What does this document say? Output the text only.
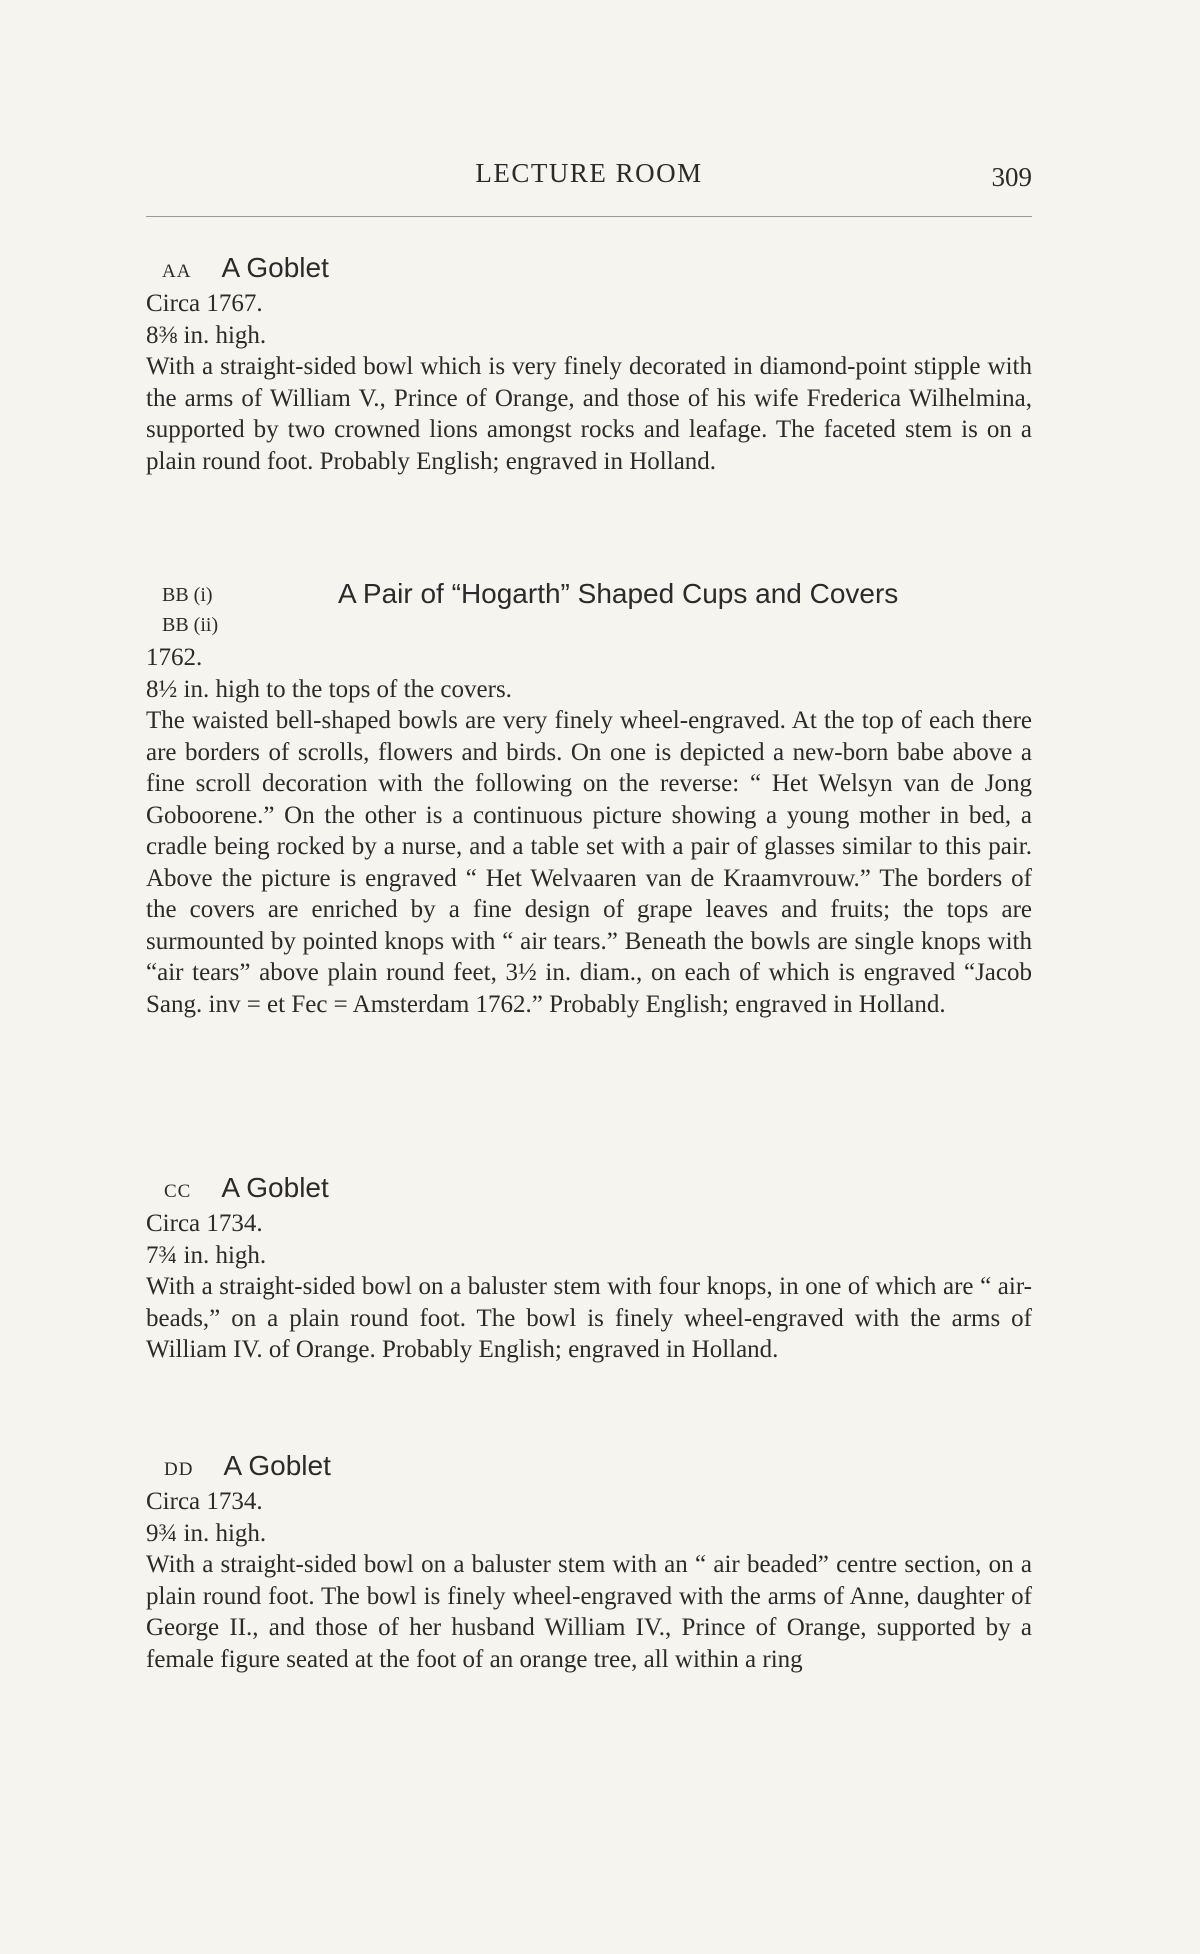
LECTURE ROOM	309
AA A Goblet
Circa 1767.
8⅜ in. high.

With a straight-sided bowl which is very finely decorated in diamond-point stipple with the arms of William V., Prince of Orange, and those of his wife Frederica Wilhelmina, supported by two crowned lions amongst rocks and leafage. The faceted stem is on a plain round foot. Probably English; engraved in Holland.

BB (i)
BB (ii)
A Pair of “Hogarth” Shaped Cups and Covers
1762.
8½ in. high to the tops of the covers.

The waisted bell-shaped bowls are very finely wheel-engraved. At the top of each there are borders of scrolls, flowers and birds. On one is depicted a new-born babe above a fine scroll decoration with the following on the reverse: “ Het Welsyn van de Jong Goboorene.” On the other is a continuous picture showing a young mother in bed, a cradle being rocked by a nurse, and a table set with a pair of glasses similar to this pair. Above the picture is engraved “ Het Welvaaren van de Kraamvrouw.” The borders of the covers are enriched by a fine design of grape leaves and fruits; the tops are surmounted by pointed knops with “ air tears.” Beneath the bowls are single knops with “air tears” above plain round feet, 3½ in. diam., on each of which is engraved “Jacob Sang. inv = et Fec = Amsterdam 1762.” Probably English; engraved in Holland.

CC A Goblet
Circa 1734.
7¾ in. high.

With a straight-sided bowl on a baluster stem with four knops, in one of which are “ air-beads,” on a plain round foot. The bowl is finely wheel-engraved with the arms of William IV. of Orange. Probably English; engraved in Holland.

DD A Goblet
Circa 1734.
9¾ in. high.

With a straight-sided bowl on a baluster stem with an “ air beaded” centre section, on a plain round foot. The bowl is finely wheel-engraved with the arms of Anne, daughter of George II., and those of her husband William IV., Prince of Orange, supported by a female figure seated at the foot of an orange tree, all within a ring
